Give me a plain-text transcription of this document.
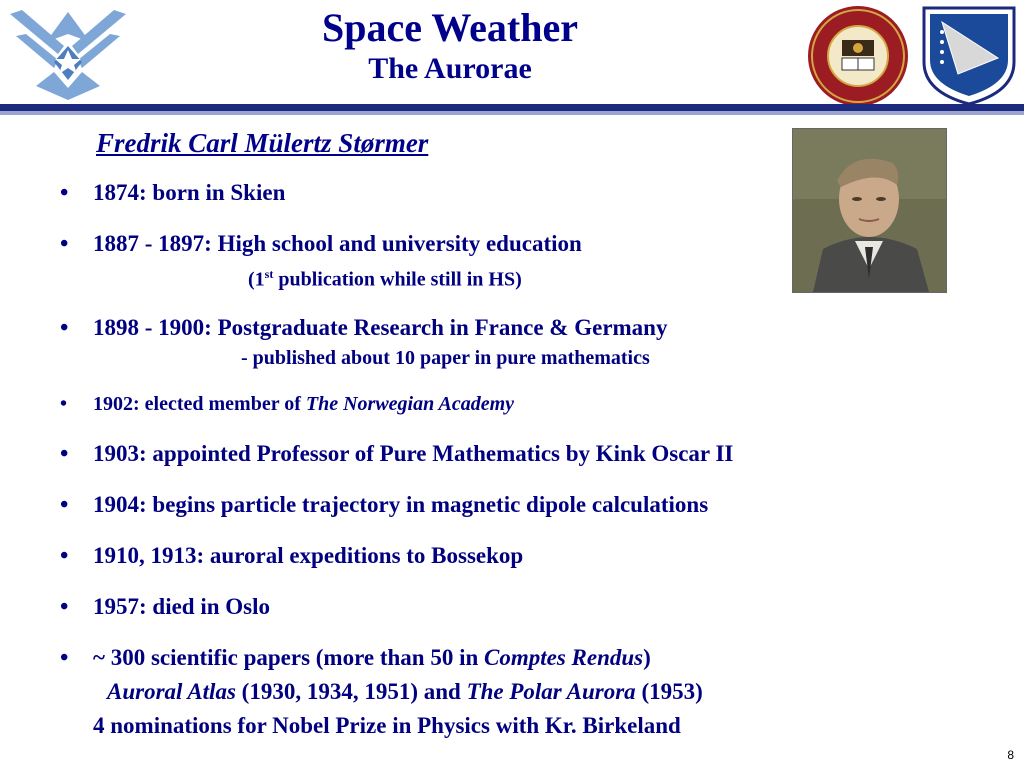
Space Weather
The Aurorae
Fredrik Carl Mülertz Størmer
• 1874: born in Skien
• 1887 - 1897: High school and university education
(1st publication while still in HS)
• 1898 - 1900: Postgraduate Research in France & Germany
- published about 10 paper in pure mathematics
• 1902: elected member of The Norwegian Academy
• 1903: appointed Professor of Pure Mathematics by Kink Oscar II
• 1904: begins particle trajectory in magnetic dipole calculations
• 1910, 1913: auroral expeditions to Bossekop
• 1957: died in Oslo
• ~ 300 scientific papers (more than 50 in Comptes Rendus)
Auroral Atlas (1930, 1934, 1951) and The Polar Aurora (1953)
4 nominations for Nobel Prize in Physics with Kr. Birkeland
8
